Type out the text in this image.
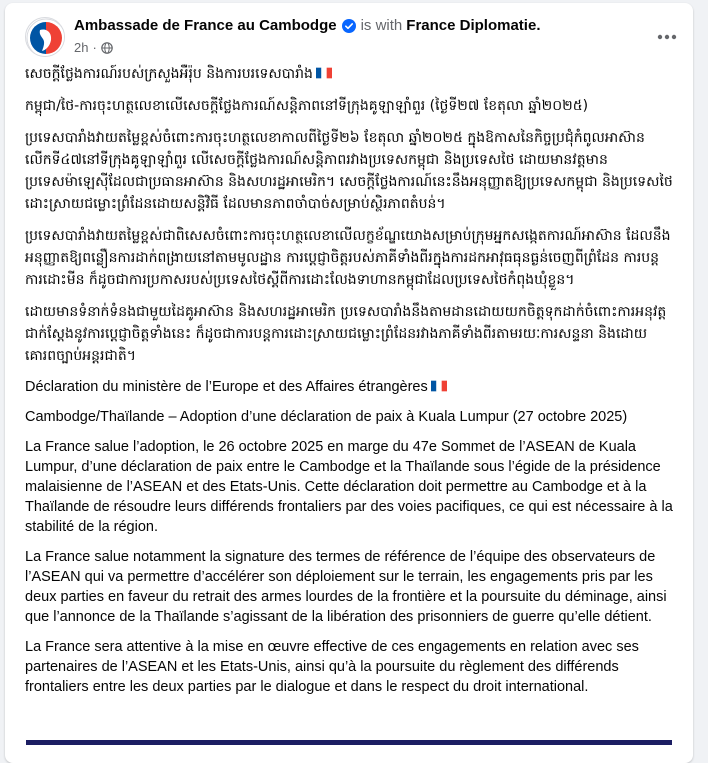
Ambassade de France au Cambodge is with France Diplomatie .
2h ·

សេចក្តីថ្លែងការណ៍របស់ក្រសួងអឺរ៉ុប និងការបរទេសបារាំង

កម្ពុជា/ថៃ-ការចុះហត្ថលេខាលើសេចក្តីថ្លែងការណ៍សន្តិភាពនៅទីក្រុងគូឡាឡាំពួរ (ថ្ងៃទី២៧ ខែតុលា ឆ្នាំ២០២៥)

ប្រទេសបារាំងវាយតម្លៃខ្ពស់ចំពោះការចុះហត្ថលេខាកាលពីថ្ងៃទី២៦ ខែតុលា ឆ្នាំ២០២៥ ក្នុងឱកាសនៃកិច្ចប្រជុំកំពូលអាស៊ានលើកទី៤៧នៅទីក្រុងគូឡាឡាំពួរ លើសេចក្តីថ្លែងការណ៍សន្តិភាពរវាងប្រទេសកម្ពុជា និងប្រទេសថៃ ដោយមានវត្តមានប្រទេសម៉ាឡេស៊ីដែលជាប្រធានអាស៊ាន និងសហរដ្ឋអាមេរិក។ សេចក្តីថ្លែងការណ៍នេះនឹងអនុញ្ញាតឱ្យប្រទេសកម្ពុជា និងប្រទេសថៃដោះស្រាយជម្លោះព្រំដែនដោយសន្តិវិធី ដែលមានភាពចាំបាច់សម្រាប់ស្ថិរភាពតំបន់។

ប្រទេសបារាំងវាយតម្លៃខ្ពស់ជាពិសេសចំពោះការចុះហត្ថលេខាលើលក្ខខ័ណ្ឌយោងសម្រាប់ក្រុមអ្នកសង្កេតការណ៍អាស៊ាន ដែលនឹងអនុញ្ញាតឱ្យពន្លឿនការដាក់ពង្រាយនៅតាមមូលដ្ឋាន ការប្តេជ្ញាចិត្តរបស់ភាគីទាំងពីរក្នុងការដកអាវុធធុនធ្ងន់ចេញពីព្រំដែន ការបន្តការដោះមីន ក៏ដូចជាការប្រកាសរបស់ប្រទេសថៃស្តីពីការដោះលែងទាហានកម្ពុជាដែលប្រទេសថៃកំពុងឃុំខ្លួន។

ដោយមានទំនាក់ទំនងជាមួយដៃគូអាស៊ាន និងសហរដ្ឋអាមេរិក ប្រទេសបារាំងនឹងតាមដានដោយយកចិត្តទុកដាក់ចំពោះការអនុវត្តជាក់ស្តែងនូវការប្តេជ្ញាចិត្តទាំងនេះ ក៏ដូចជាការបន្តការដោះស្រាយជម្លោះព្រំដែនរវាងភាគីទាំងពីរតាមរយៈការសន្ទនា និងដោយគោរពច្បាប់អន្តរជាតិ។

Déclaration du ministère de l’Europe et des Affaires étrangères

Cambodge/Thaïlande – Adoption d’une déclaration de paix à Kuala Lumpur (27 octobre 2025)

La France salue l’adoption, le 26 octobre 2025 en marge du 47e Sommet de l’ASEAN de Kuala Lumpur, d’une déclaration de paix entre le Cambodge et la Thaïlande sous l’égide de la présidence malaisienne de l’ASEAN et des Etats-Unis. Cette déclaration doit permettre au Cambodge et à la Thaïlande de résoudre leurs différends frontaliers par des voies pacifiques, ce qui est nécessaire à la stabilité de la région.

La France salue notamment la signature des termes de référence de l’équipe des observateurs de l’ASEAN qui va permettre d’accélérer son déploiement sur le terrain, les engagements pris par les deux parties en faveur du retrait des armes lourdes de la frontière et la poursuite du déminage, ainsi que l’annonce de la Thaïlande s’agissant de la libération des prisonniers de guerre qu’elle détient.

La France sera attentive à la mise en œuvre effective de ces engagements en relation avec ses partenaires de l’ASEAN et les Etats-Unis, ainsi qu’à la poursuite du règlement des différends frontaliers entre les deux parties par le dialogue et dans le respect du droit international.
